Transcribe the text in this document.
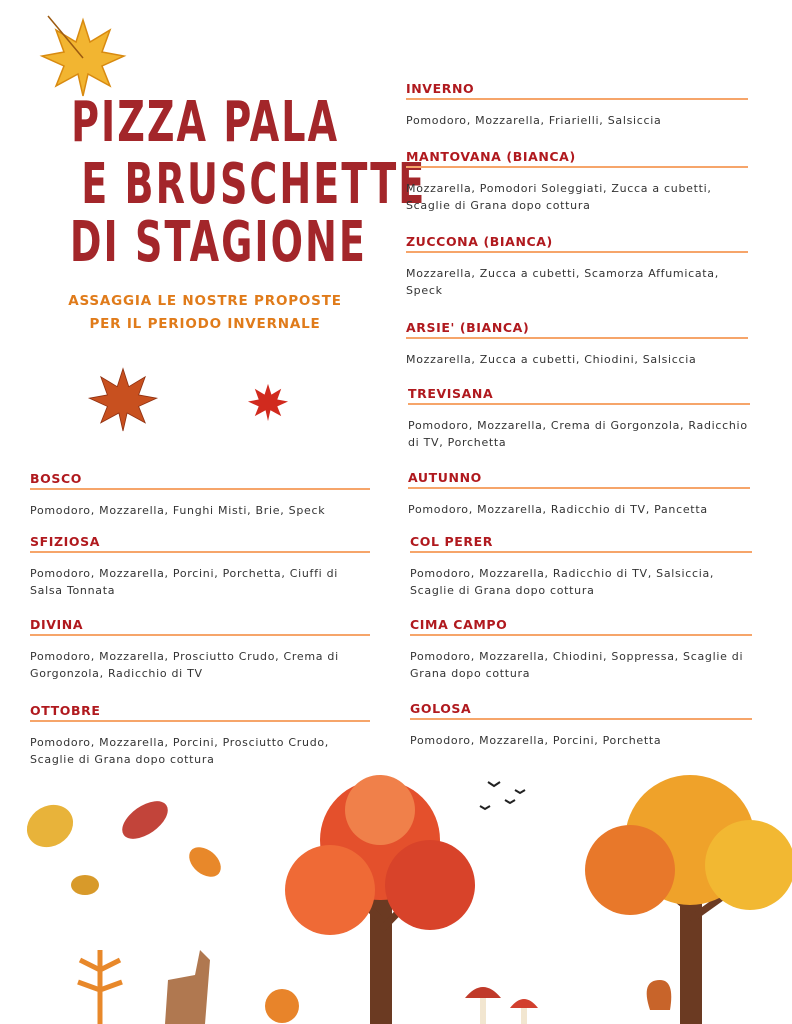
PIZZA PALA
E BRUSCHETTE
DI STAGIONE
ASSAGGIA LE NOSTRE PROPOSTE PER IL PERIODO INVERNALE
INVERNO

Pomodoro, Mozzarella, Friarielli, Salsiccia

MANTOVANA (BIANCA)

Mozzarella, Pomodori Soleggiati, Zucca a cubetti, Scaglie di Grana dopo cottura

ZUCCONA (BIANCA)

Mozzarella, Zucca a cubetti, Scamorza Affumicata, Speck

ARSIE' (BIANCA)

Mozzarella, Zucca a cubetti, Chiodini, Salsiccia

TREVISANA

Pomodoro, Mozzarella, Crema di Gorgonzola, Radicchio di TV, Porchetta

AUTUNNO

Pomodoro, Mozzarella, Radicchio di TV, Pancetta

COL PERER

Pomodoro, Mozzarella, Radicchio di TV, Salsiccia, Scaglie di Grana dopo cottura

CIMA CAMPO

Pomodoro, Mozzarella, Chiodini, Soppressa, Scaglie di Grana dopo cottura

GOLOSA

Pomodoro, Mozzarella, Porcini, Porchetta

BOSCO

Pomodoro, Mozzarella, Funghi Misti, Brie, Speck

SFIZIOSA

Pomodoro, Mozzarella, Porcini, Porchetta, Ciuffi di Salsa Tonnata

DIVINA

Pomodoro, Mozzarella, Prosciutto Crudo, Crema di Gorgonzola, Radicchio di TV

OTTOBRE

Pomodoro, Mozzarella, Porcini, Prosciutto Crudo, Scaglie di Grana dopo cottura
